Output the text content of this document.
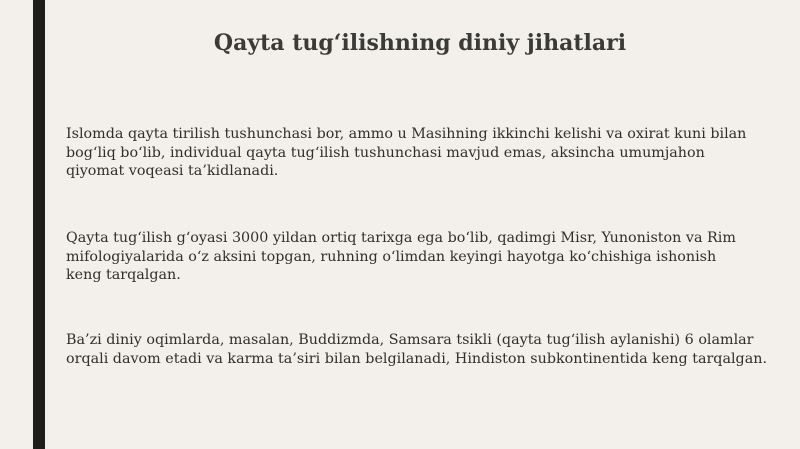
Qayta tug‘ilishning diniy jihatlari
Islomda qayta tirilish tushunchasi bor, ammo u Masihning ikkinchi kelishi va oxirat kuni bilan
bog‘liq bo‘lib, individual qayta tug‘ilish tushunchasi mavjud emas, aksincha umumjahon
qiyomat voqeasi ta’kidlanadi.
Qayta tug‘ilish g‘oyasi 3000 yildan ortiq tarixga ega bo‘lib, qadimgi Misr, Yunoniston va Rim
mifologiyalarida o‘z aksini topgan, ruhning o‘limdan keyingi hayotga ko‘chishiga ishonish
keng tarqalgan.
Ba’zi diniy oqimlarda, masalan, Buddizmda, Samsara tsikli (qayta tug‘ilish aylanishi) 6 olamlar
orqali davom etadi va karma ta’siri bilan belgilanadi, Hindiston subkontinentida keng tarqalgan.
